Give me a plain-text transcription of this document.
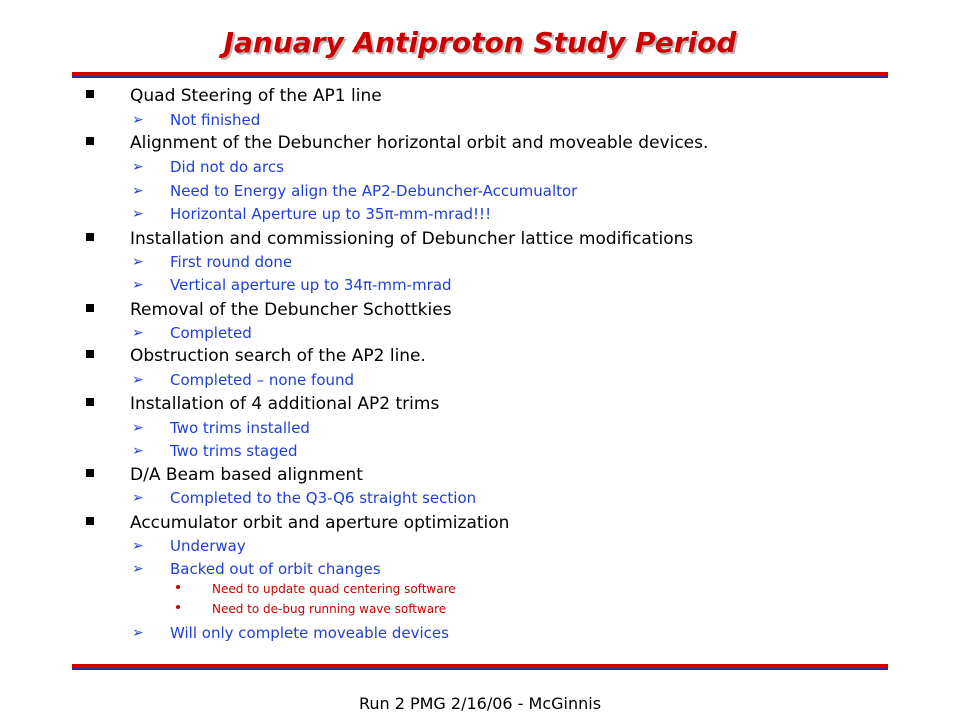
January Antiproton Study Period
Quad Steering of the AP1 line
➢ Not finished
Alignment of the Debuncher horizontal orbit and moveable devices.
➢ Did not do arcs
➢ Need to Energy align the AP2-Debuncher-Accumualtor
➢ Horizontal Aperture up to 35π-mm-mrad!!!
Installation and commissioning of Debuncher lattice modifications
➢ First round done
➢ Vertical aperture up to 34π-mm-mrad
Removal of the Debuncher Schottkies
➢ Completed
Obstruction search of the AP2 line.
➢ Completed – none found
Installation of 4 additional AP2 trims
➢ Two trims installed
➢ Two trims staged
D/A Beam based alignment
➢ Completed to the Q3-Q6 straight section
Accumulator orbit and aperture optimization
➢ Underway
➢ Backed out of orbit changes
Need to update quad centering software
Need to de-bug running wave software
➢ Will only complete moveable devices
Run 2 PMG 2/16/06 - McGinnis
